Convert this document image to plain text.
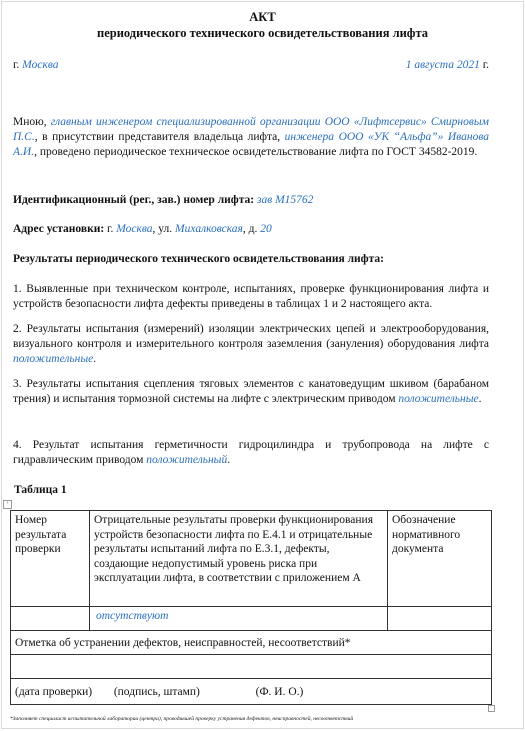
АКТ
периодического технического освидетельствования лифта
г. Москва	1 августа 2021 г.
Мною, главным инженером специализированной организации ООО «Лифтсервис» Смирновым П.С., в присутствии представителя владельца лифта, инженера ООО «УК “Альфа”» Иванова А.И., проведено периодическое техническое освидетельствование лифта по ГОСТ 34582-2019.
Идентификационный (рег., зав.) номер лифта: зав М15762
Адрес установки: г. Москва, ул. Михалковская, д. 20
Результаты периодического технического освидетельствования лифта:
1. Выявленные при техническом контроле, испытаниях, проверке функционирования лифта и устройств безопасности лифта дефекты приведены в таблицах 1 и 2 настоящего акта.
2. Результаты испытания (измерений) изоляции электрических цепей и электрооборудования, визуального контроля и измерительного контроля заземления (зануления) оборудования лифта положительные.
3. Результаты испытания сцепления тяговых элементов с канатоведущим шкивом (барабаном трения) и испытания тормозной системы на лифте с электрическим приводом положительные.
4. Результат испытания герметичности гидроцилиндра и трубопровода на лифте с гидравлическим приводом положительный.
Таблица 1
+
Номер результата проверки	Отрицательные результаты проверки функционирования устройств безопасности лифта по Е.4.1 и отрицательные результаты испытаний лифта по Е.3.1, дефекты, создающие недопустимый уровень риска при эксплуатации лифта, в соответствии с приложением А	Обозначение нормативного документа
	отсутствуют	
Отметка об устранении дефектов, неисправностей, несоответствий*		

(дата проверки) (подпись, штамп) (Ф. И. О.)		
*Заполняет специалист испытательной лаборатории (центра), проводившей проверку устранения дефектов, неисправностей, несоответствий
